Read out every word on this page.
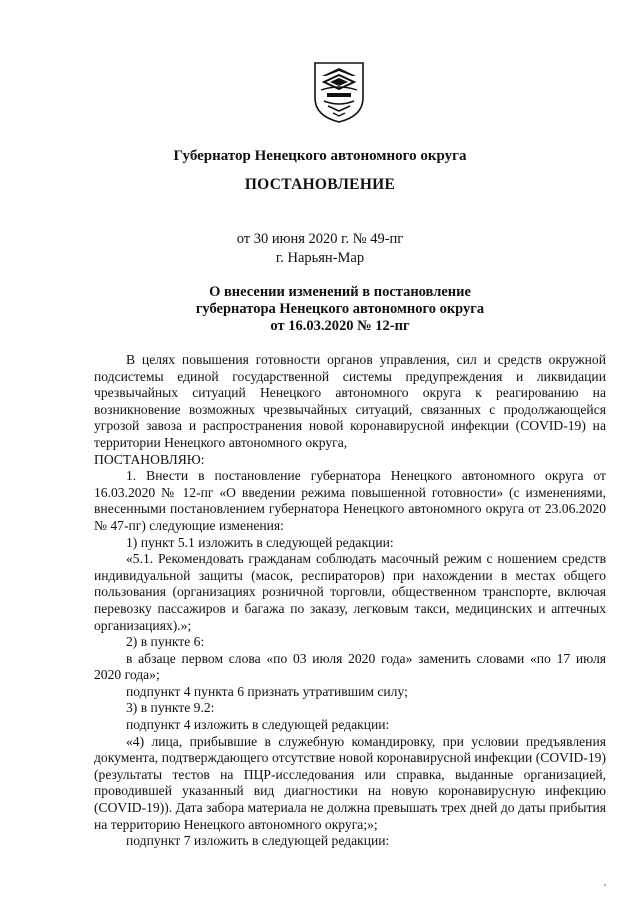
Губернатор Ненецкого автономного округа
ПОСТАНОВЛЕНИЕ
от 30 июня 2020 г. № 49-пг
г. Нарьян-Мар
О внесении изменений в постановление
губернатора Ненецкого автономного округа
от 16.03.2020 № 12-пг

В целях повышения готовности органов управления, сил и средств окружной подсистемы единой государственной системы предупреждения и ликвидации чрезвычайных ситуаций Ненецкого автономного округа к реагированию на возникновение возможных чрезвычайных ситуаций, связанных с продолжающейся угрозой завоза и распространения новой коронавирусной инфекции (COVID-19) на территории Ненецкого автономного округа,

ПОСТАНОВЛЯЮ:

1. Внести в постановление губернатора Ненецкого автономного округа от 16.03.2020 № 12-пг «О введении режима повышенной готовности» (с изменениями, внесенными постановлением губернатора Ненецкого автономного округа от 23.06.2020 № 47-пг) следующие изменения:

1) пункт 5.1 изложить в следующей редакции:

«5.1. Рекомендовать гражданам соблюдать масочный режим с ношением средств индивидуальной защиты (масок, респираторов) при нахождении в местах общего пользования (организациях розничной торговли, общественном транспорте, включая перевозку пассажиров и багажа по заказу, легковым такси, медицинских и аптечных организациях).»;

2) в пункте 6:

в абзаце первом слова «по 03 июля 2020 года» заменить словами «по 17 июля 2020 года»;

подпункт 4 пункта 6 признать утратившим силу;

3) в пункте 9.2:

подпункт 4 изложить в следующей редакции:

«4) лица, прибывшие в служебную командировку, при условии предъявления документа, подтверждающего отсутствие новой коронавирусной инфекции (COVID-19) (результаты тестов на ПЦР-исследования или справка, выданные организацией, проводившей указанный вид диагностики на новую коронавирусную инфекцию (COVID-19)). Дата забора материала не должна превышать трех дней до даты прибытия на территорию Ненецкого автономного округа;»;

подпункт 7 изложить в следующей редакции:
